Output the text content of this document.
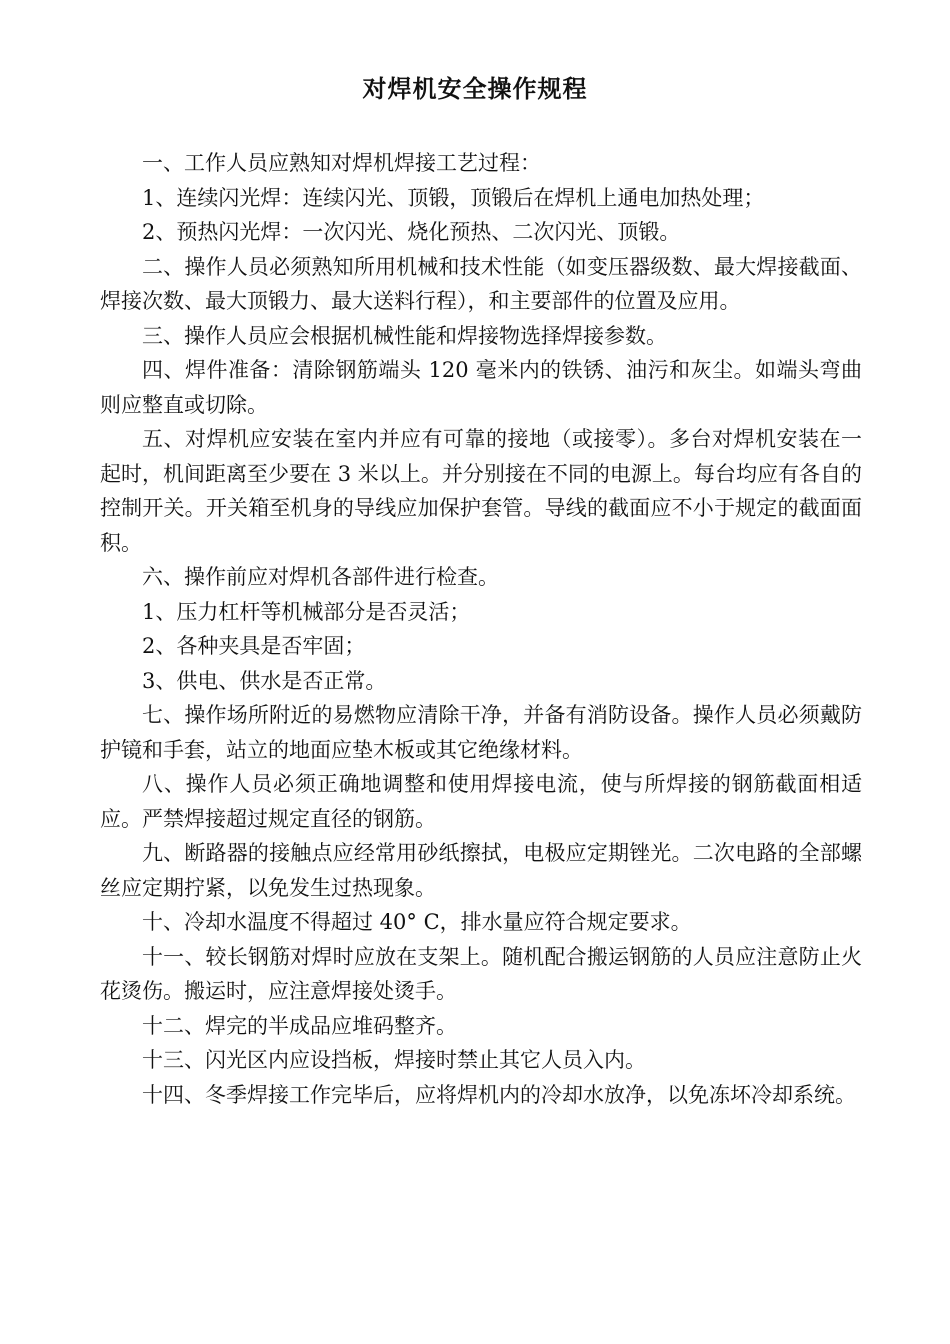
对焊机安全操作规程

一、工作人员应熟知对焊机焊接工艺过程：

1、连续闪光焊：连续闪光、顶锻，顶锻后在焊机上通电加热处理；

2、预热闪光焊：一次闪光、烧化预热、二次闪光、顶锻。

二、操作人员必须熟知所用机械和技术性能（如变压器级数、最大焊接截面、焊接次数、最大顶锻力、最大送料行程），和主要部件的位置及应用。

三、操作人员应会根据机械性能和焊接物选择焊接参数。

四、焊件准备：清除钢筋端头 120 毫米内的铁锈、油污和灰尘。如端头弯曲则应整直或切除。

五、对焊机应安装在室内并应有可靠的接地（或接零）。多台对焊机安装在一起时，机间距离至少要在 3 米以上。并分别接在不同的电源上。每台均应有各自的控制开关。开关箱至机身的导线应加保护套管。导线的截面应不小于规定的截面面积。

六、操作前应对焊机各部件进行检查。

1、压力杠杆等机械部分是否灵活；

2、各种夹具是否牢固；

3、供电、供水是否正常。

七、操作场所附近的易燃物应清除干净，并备有消防设备。操作人员必须戴防护镜和手套，站立的地面应垫木板或其它绝缘材料。

八、操作人员必须正确地调整和使用焊接电流，使与所焊接的钢筋截面相适应。严禁焊接超过规定直径的钢筋。

九、断路器的接触点应经常用砂纸擦拭，电极应定期锉光。二次电路的全部螺丝应定期拧紧，以免发生过热现象。

十、冷却水温度不得超过 40° C，排水量应符合规定要求。

十一、较长钢筋对焊时应放在支架上。随机配合搬运钢筋的人员应注意防止火花烫伤。搬运时，应注意焊接处烫手。

十二、焊完的半成品应堆码整齐。

十三、闪光区内应设挡板，焊接时禁止其它人员入内。

十四、冬季焊接工作完毕后，应将焊机内的冷却水放净，以免冻坏冷却系统。
